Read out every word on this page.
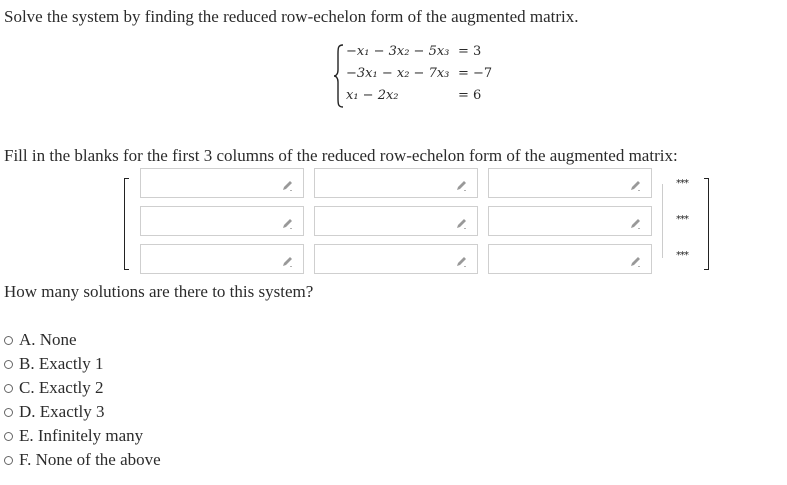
Solve the system by finding the reduced row-echelon form of the augmented matrix.
−x₁ − 3x₂ − 5x₃ = 3
−3x₁ − x₂ − 7x₃ = −7
x₁ − 2x₂	= 6
Fill in the blanks for the first 3 columns of the reduced row-echelon form of the augmented matrix:
***
***
***
How many solutions are there to this system?
A.
None
B.
Exactly 1
C.
Exactly 2
D.
Exactly 3
E.
Infinitely many
F.
None of the above
